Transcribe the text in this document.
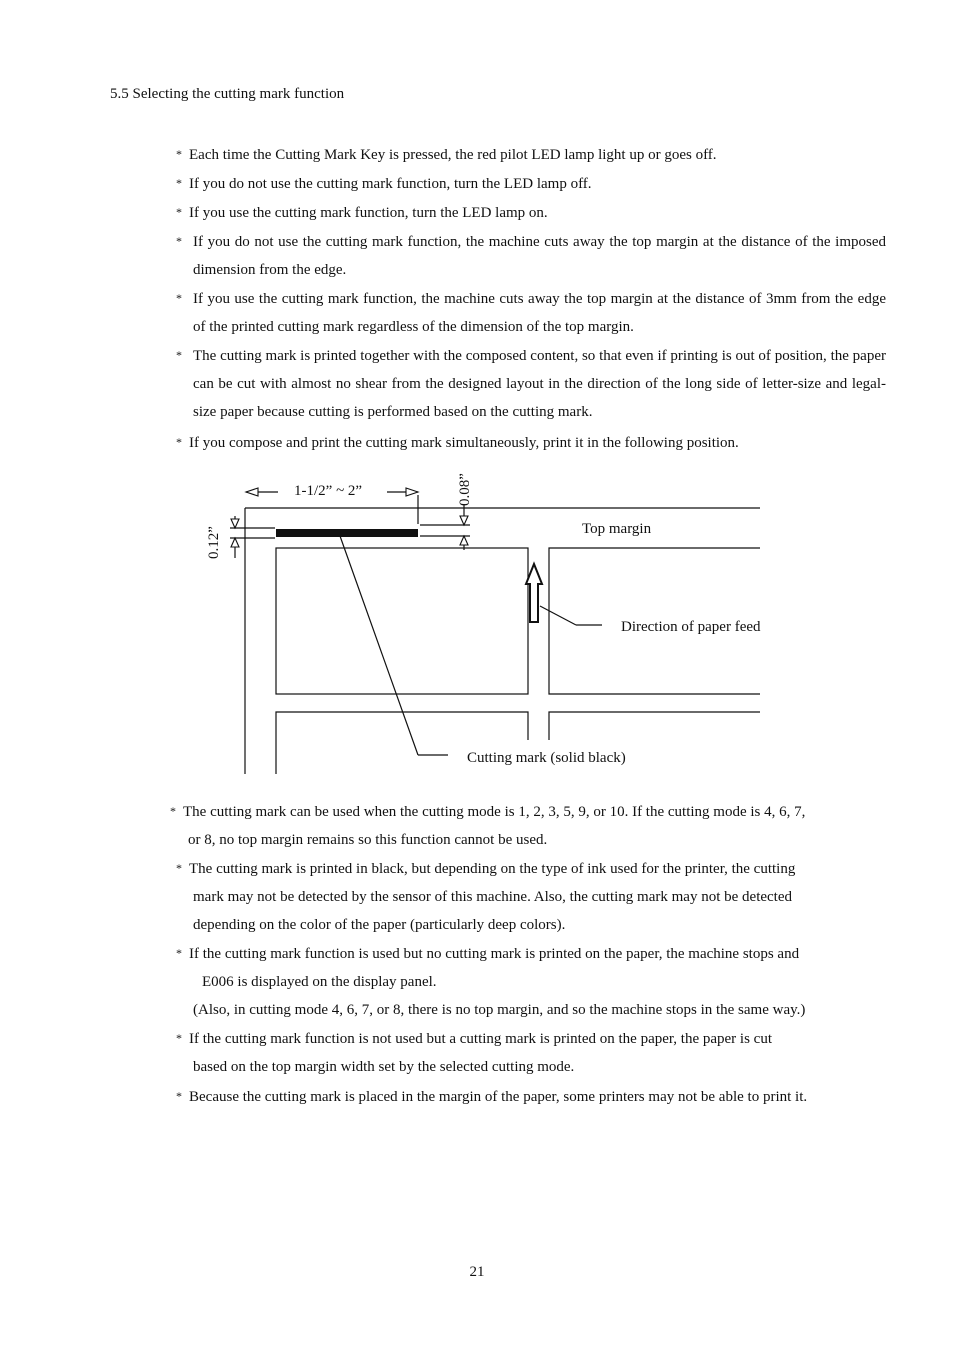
5.5 Selecting the cutting mark function

* Each time the Cutting Mark Key is pressed, the red pilot LED lamp light up or goes off.

* If you do not use the cutting mark function, turn the LED lamp off.

* If you use the cutting mark function, turn the LED lamp on.

* If you do not use the cutting mark function, the machine cuts away the top margin at the distance of the imposed dimension from the edge.

* If you use the cutting mark function, the machine cuts away the top margin at the distance of 3mm from the edge of the printed cutting mark regardless of the dimension of the top margin.

* The cutting mark is printed together with the composed content, so that even if printing is out of position, the paper can be cut with almost no shear from the designed layout in the direction of the long side of letter-size and legal-size paper because cutting is performed based on the cutting mark.

* If you compose and print the cutting mark simultaneously, print it in the following position.

1-1/2” ~ 2”	0.08”
0.12”	Top margin
Direction of paper feed
Cutting mark (solid black)

* The cutting mark can be used when the cutting mode is 1, 2, 3, 5, 9, or 10. If the cutting mode is 4, 6, 7,

or 8, no top margin remains so this function cannot be used.

* The cutting mark is printed in black, but depending on the type of ink used for the printer, the cutting

mark may not be detected by the sensor of this machine. Also, the cutting mark may not be detected

depending on the color of the paper (particularly deep colors).

* If the cutting mark function is used but no cutting mark is printed on the paper, the machine stops and

E006 is displayed on the display panel.

(Also, in cutting mode 4, 6, 7, or 8, there is no top margin, and so the machine stops in the same way.)

* If the cutting mark function is not used but a cutting mark is printed on the paper, the paper is cut

based on the top margin width set by the selected cutting mode.

* Because the cutting mark is placed in the margin of the paper, some printers may not be able to print it.

21
